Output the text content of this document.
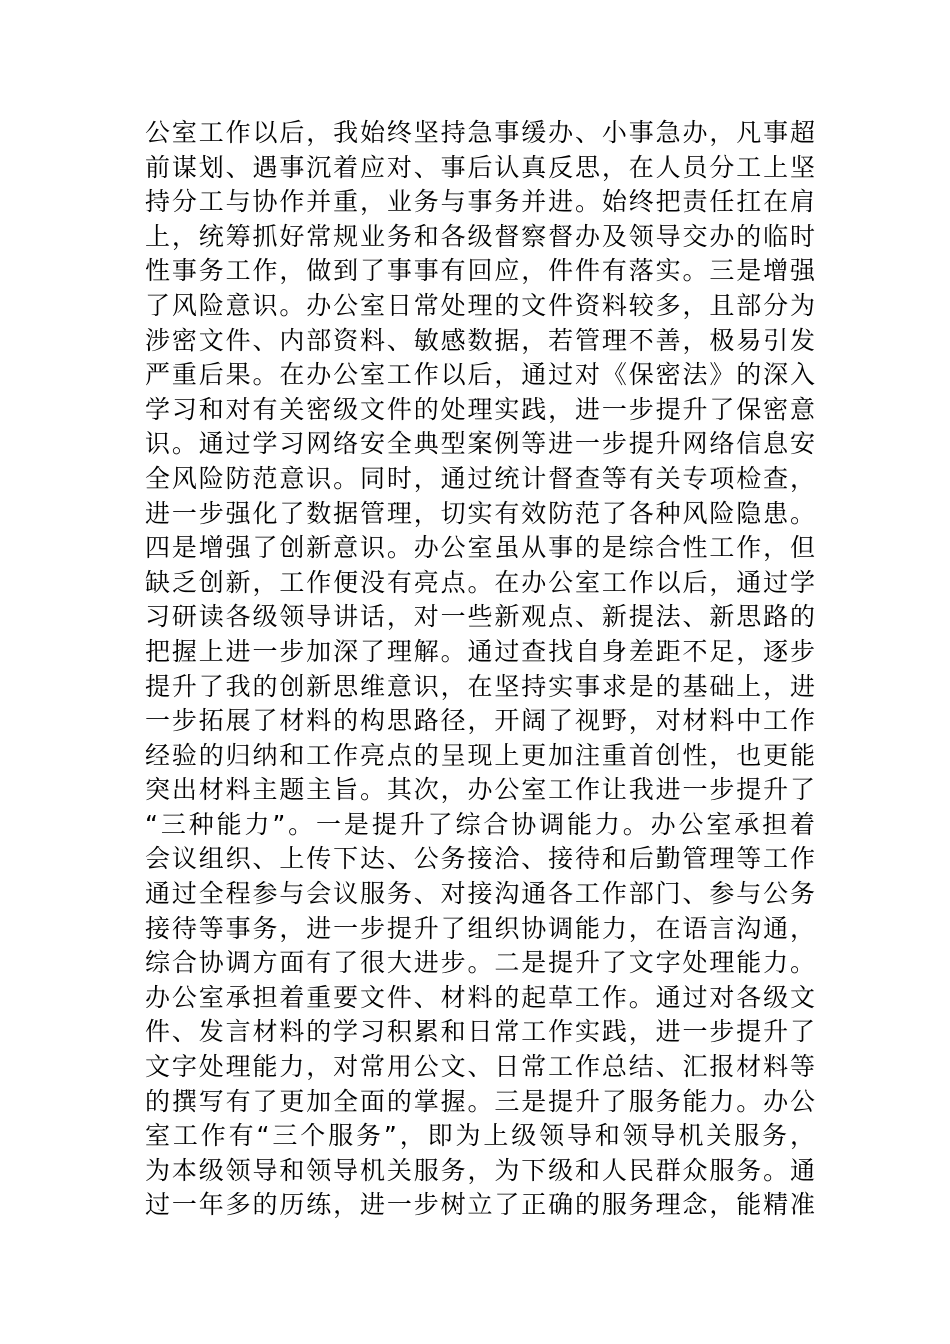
公室工作以后，我始终坚持急事缓办、小事急办，凡事超
前谋划、遇事沉着应对、事后认真反思，在人员分工上坚
持分工与协作并重，业务与事务并进。始终把责任扛在肩
上，统筹抓好常规业务和各级督察督办及领导交办的临时
性事务工作，做到了事事有回应，件件有落实。三是增强
了风险意识。办公室日常处理的文件资料较多，且部分为
涉密文件、内部资料、敏感数据，若管理不善，极易引发
严重后果。在办公室工作以后，通过对《保密法》的深入
学习和对有关密级文件的处理实践，进一步提升了保密意
识。通过学习网络安全典型案例等进一步提升网络信息安
全风险防范意识。同时，通过统计督查等有关专项检查，
进一步强化了数据管理，切实有效防范了各种风险隐患。
四是增强了创新意识。办公室虽从事的是综合性工作，但
缺乏创新，工作便没有亮点。在办公室工作以后，通过学
习研读各级领导讲话，对一些新观点、新提法、新思路的
把握上进一步加深了理解。通过查找自身差距不足，逐步
提升了我的创新思维意识，在坚持实事求是的基础上，进
一步拓展了材料的构思路径，开阔了视野，对材料中工作
经验的归纳和工作亮点的呈现上更加注重首创性，也更能
突出材料主题主旨。其次，办公室工作让我进一步提升了
“三种能力”。一是提升了综合协调能力。办公室承担着
会议组织、上传下达、公务接洽、接待和后勤管理等工作
通过全程参与会议服务、对接沟通各工作部门、参与公务
接待等事务，进一步提升了组织协调能力，在语言沟通，
综合协调方面有了很大进步。二是提升了文字处理能力。
办公室承担着重要文件、材料的起草工作。通过对各级文
件、发言材料的学习积累和日常工作实践，进一步提升了
文字处理能力，对常用公文、日常工作总结、汇报材料等
的撰写有了更加全面的掌握。三是提升了服务能力。办公
室工作有“三个服务”，即为上级领导和领导机关服务，
为本级领导和领导机关服务，为下级和人民群众服务。通
过一年多的历练，进一步树立了正确的服务理念，能精准
